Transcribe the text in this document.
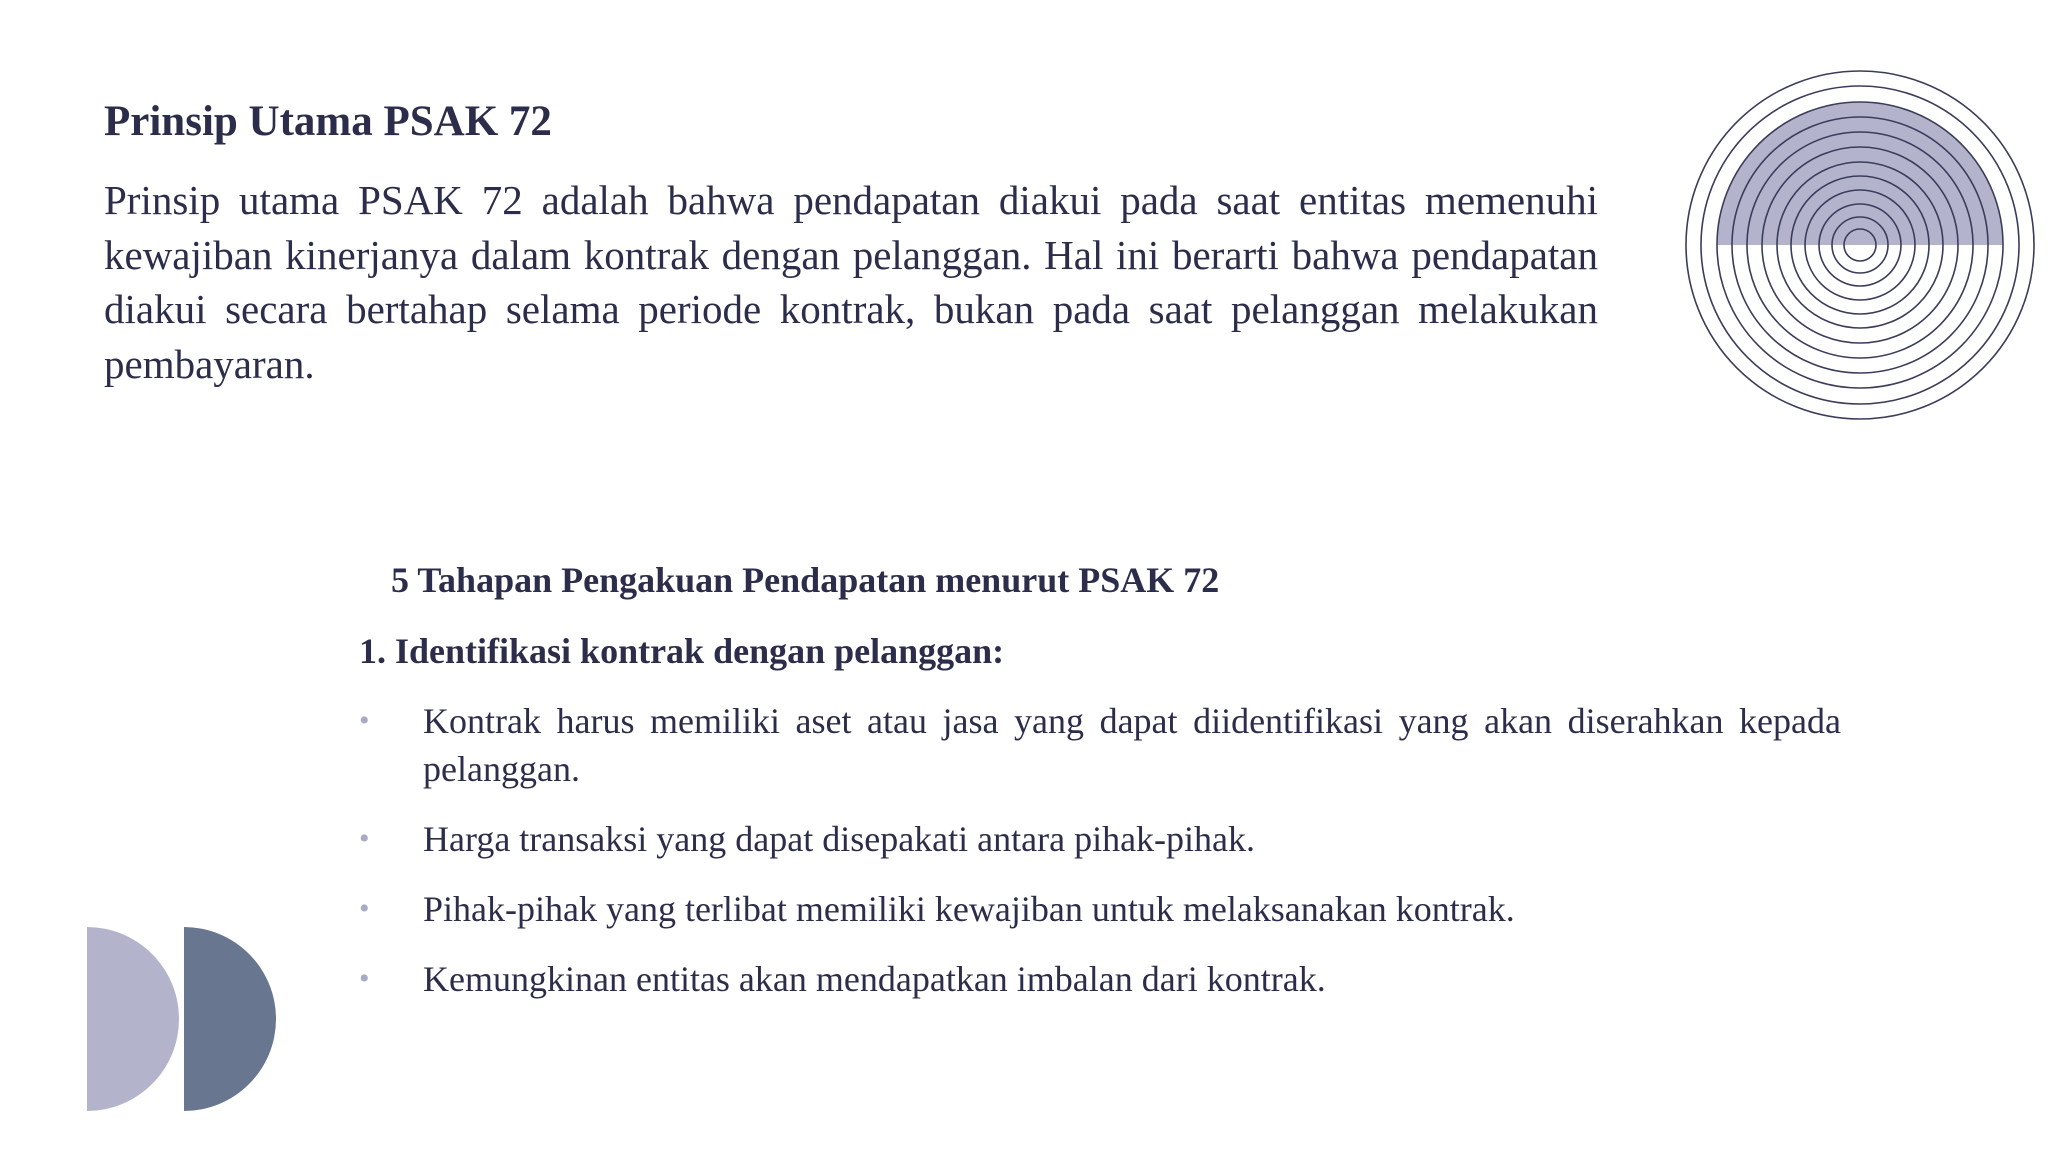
Prinsip Utama PSAK 72

Prinsip utama PSAK 72 adalah bahwa pendapatan diakui pada saat entitas memenuhi kewajiban kinerjanya dalam kontrak dengan pelanggan. Hal ini berarti bahwa pendapatan diakui secara bertahap selama periode kontrak, bukan pada saat pelanggan melakukan pembayaran.

5 Tahapan Pengakuan Pendapatan menurut PSAK 72
1. Identifikasi kontrak dengan pelanggan:
• Kontrak harus memiliki aset atau jasa yang dapat diidentifikasi yang akan diserahkan kepada pelanggan.
• Harga transaksi yang dapat disepakati antara pihak-pihak.
• Pihak-pihak yang terlibat memiliki kewajiban untuk melaksanakan kontrak.
• Kemungkinan entitas akan mendapatkan imbalan dari kontrak.
